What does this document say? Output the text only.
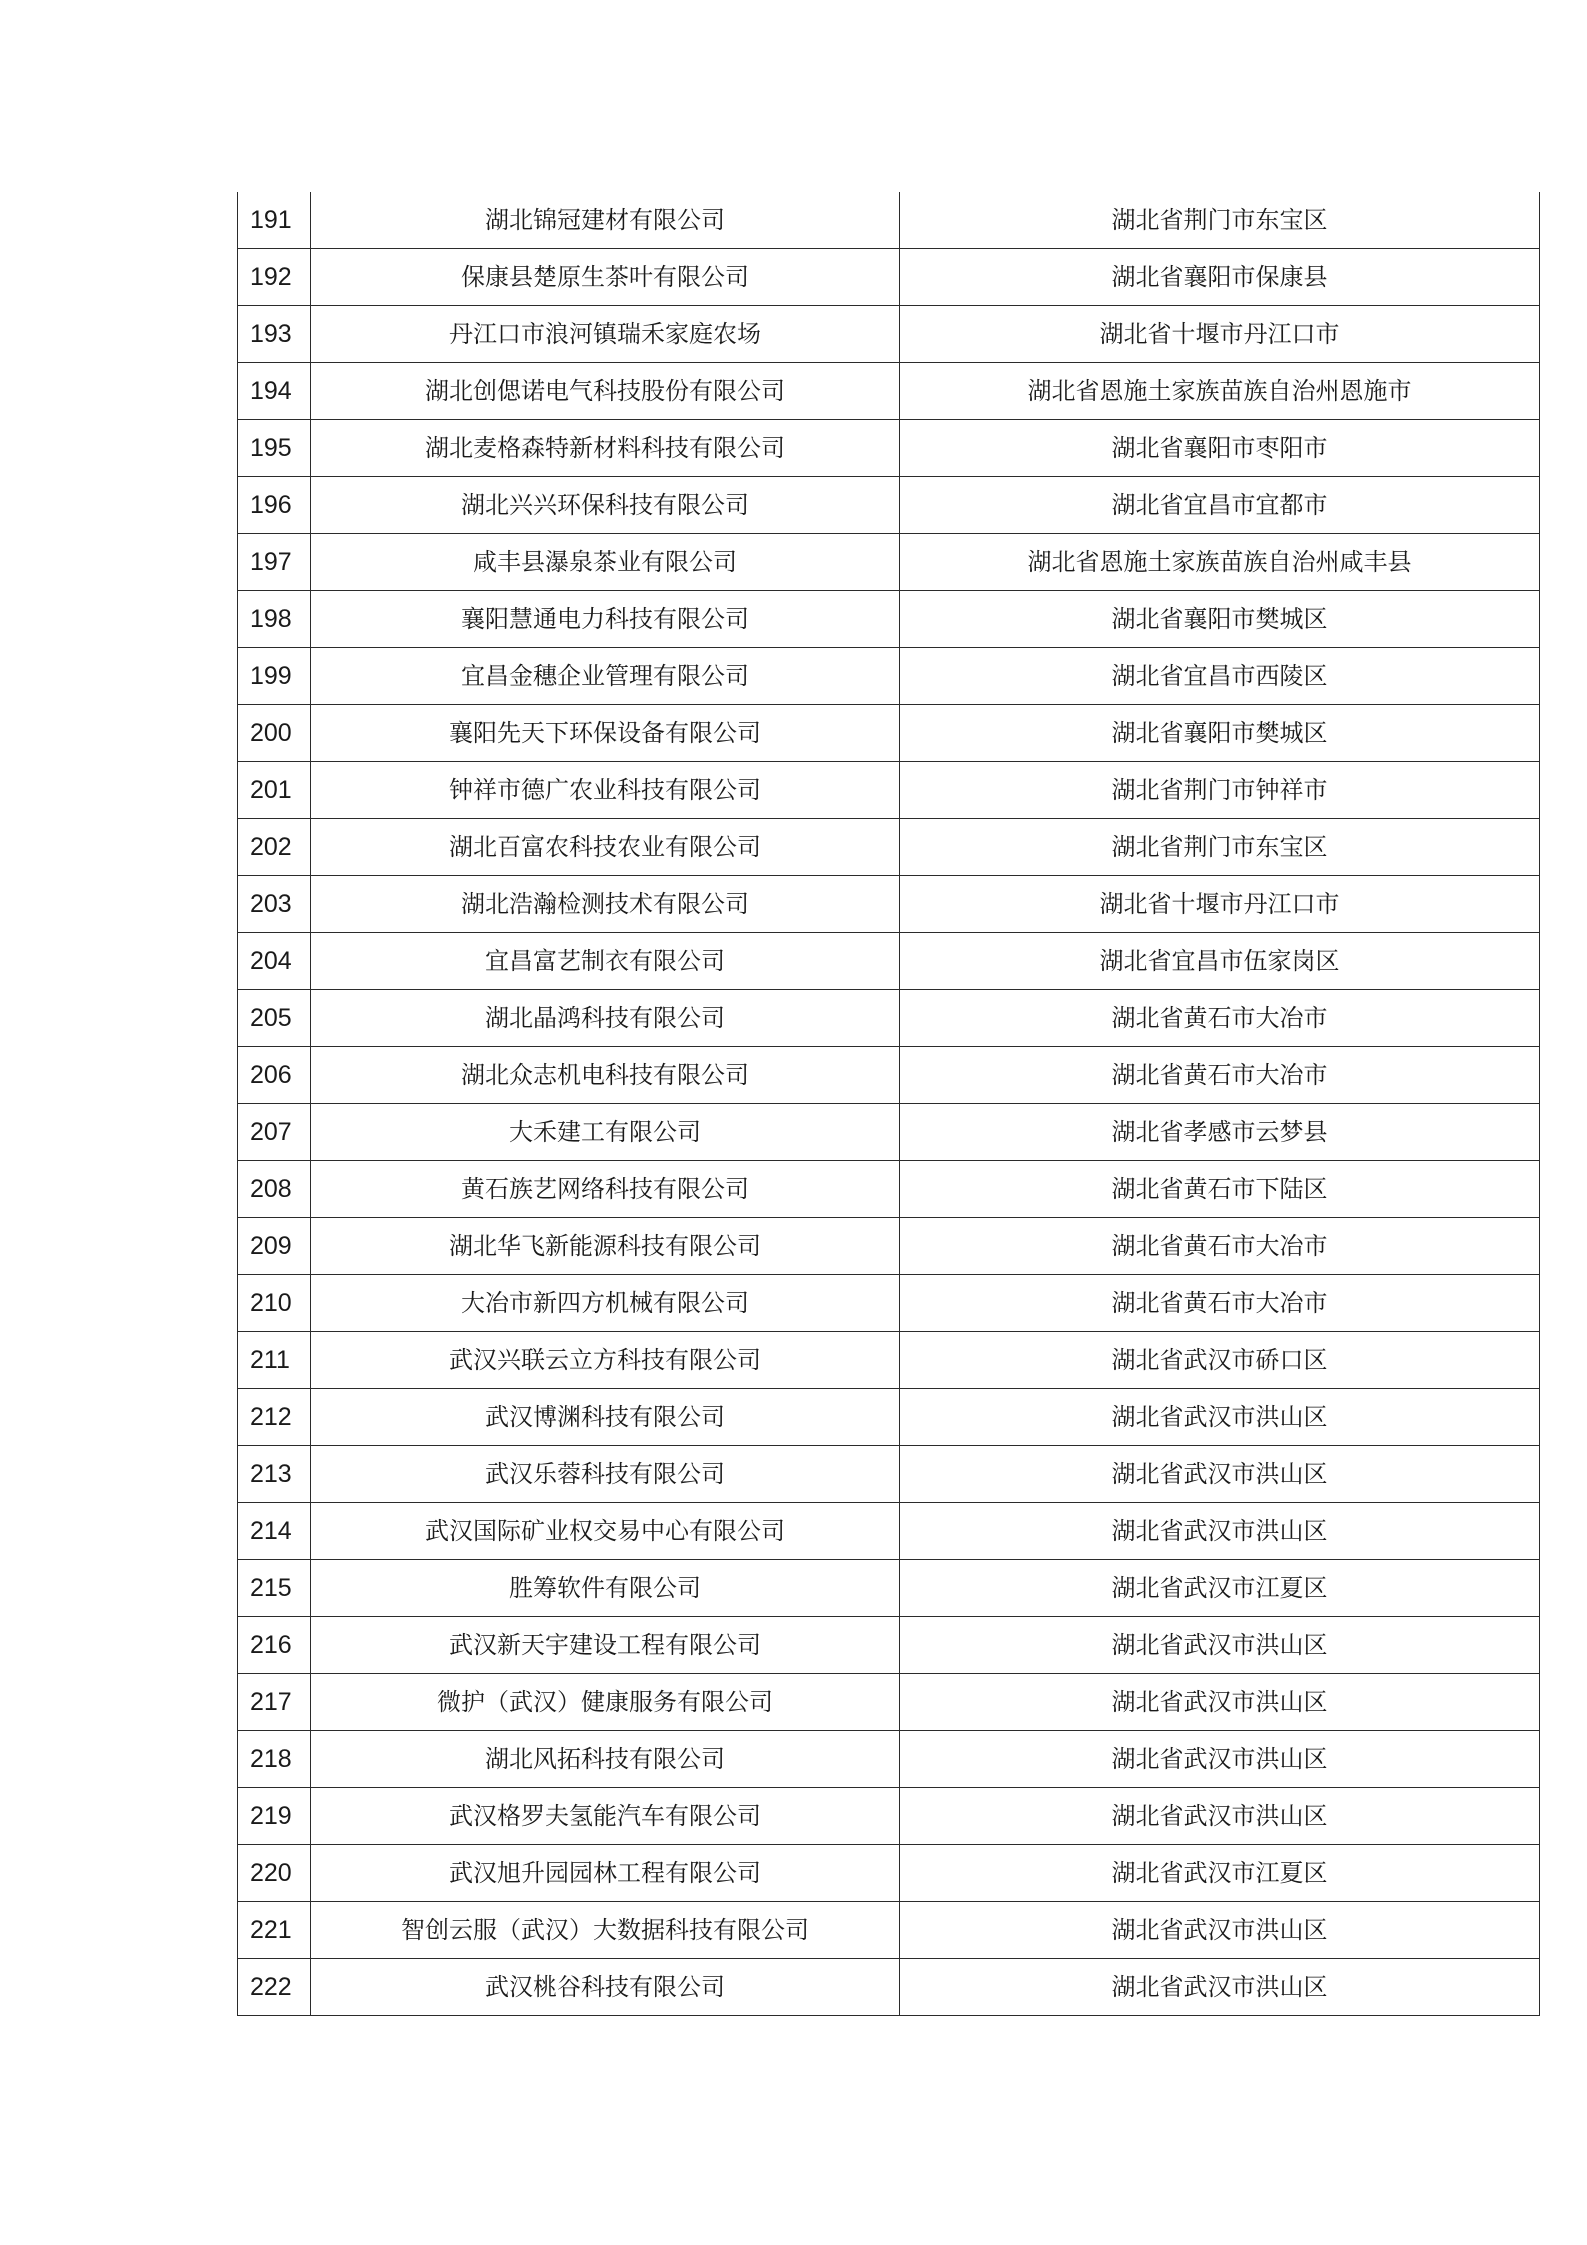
191	湖北锦冠建材有限公司	湖北省荆门市东宝区
192	保康县楚原生茶叶有限公司	湖北省襄阳市保康县
193	丹江口市浪河镇瑞禾家庭农场	湖北省十堰市丹江口市
194	湖北创偲诺电气科技股份有限公司	湖北省恩施土家族苗族自治州恩施市
195	湖北麦格森特新材料科技有限公司	湖北省襄阳市枣阳市
196	湖北兴兴环保科技有限公司	湖北省宜昌市宜都市
197	咸丰县瀑泉茶业有限公司	湖北省恩施土家族苗族自治州咸丰县
198	襄阳慧通电力科技有限公司	湖北省襄阳市樊城区
199	宜昌金穗企业管理有限公司	湖北省宜昌市西陵区
200	襄阳先天下环保设备有限公司	湖北省襄阳市樊城区
201	钟祥市德广农业科技有限公司	湖北省荆门市钟祥市
202	湖北百富农科技农业有限公司	湖北省荆门市东宝区
203	湖北浩瀚检测技术有限公司	湖北省十堰市丹江口市
204	宜昌富艺制衣有限公司	湖北省宜昌市伍家岗区
205	湖北晶鸿科技有限公司	湖北省黄石市大冶市
206	湖北众志机电科技有限公司	湖北省黄石市大冶市
207	大禾建工有限公司	湖北省孝感市云梦县
208	黄石族艺网络科技有限公司	湖北省黄石市下陆区
209	湖北华飞新能源科技有限公司	湖北省黄石市大冶市
210	大冶市新四方机械有限公司	湖北省黄石市大冶市
211	武汉兴联云立方科技有限公司	湖北省武汉市硚口区
212	武汉博渊科技有限公司	湖北省武汉市洪山区
213	武汉乐蓉科技有限公司	湖北省武汉市洪山区
214	武汉国际矿业权交易中心有限公司	湖北省武汉市洪山区
215	胜筹软件有限公司	湖北省武汉市江夏区
216	武汉新天宇建设工程有限公司	湖北省武汉市洪山区
217	微护（武汉）健康服务有限公司	湖北省武汉市洪山区
218	湖北风拓科技有限公司	湖北省武汉市洪山区
219	武汉格罗夫氢能汽车有限公司	湖北省武汉市洪山区
220	武汉旭升园园林工程有限公司	湖北省武汉市江夏区
221	智创云服（武汉）大数据科技有限公司	湖北省武汉市洪山区
222	武汉桃谷科技有限公司	湖北省武汉市洪山区
